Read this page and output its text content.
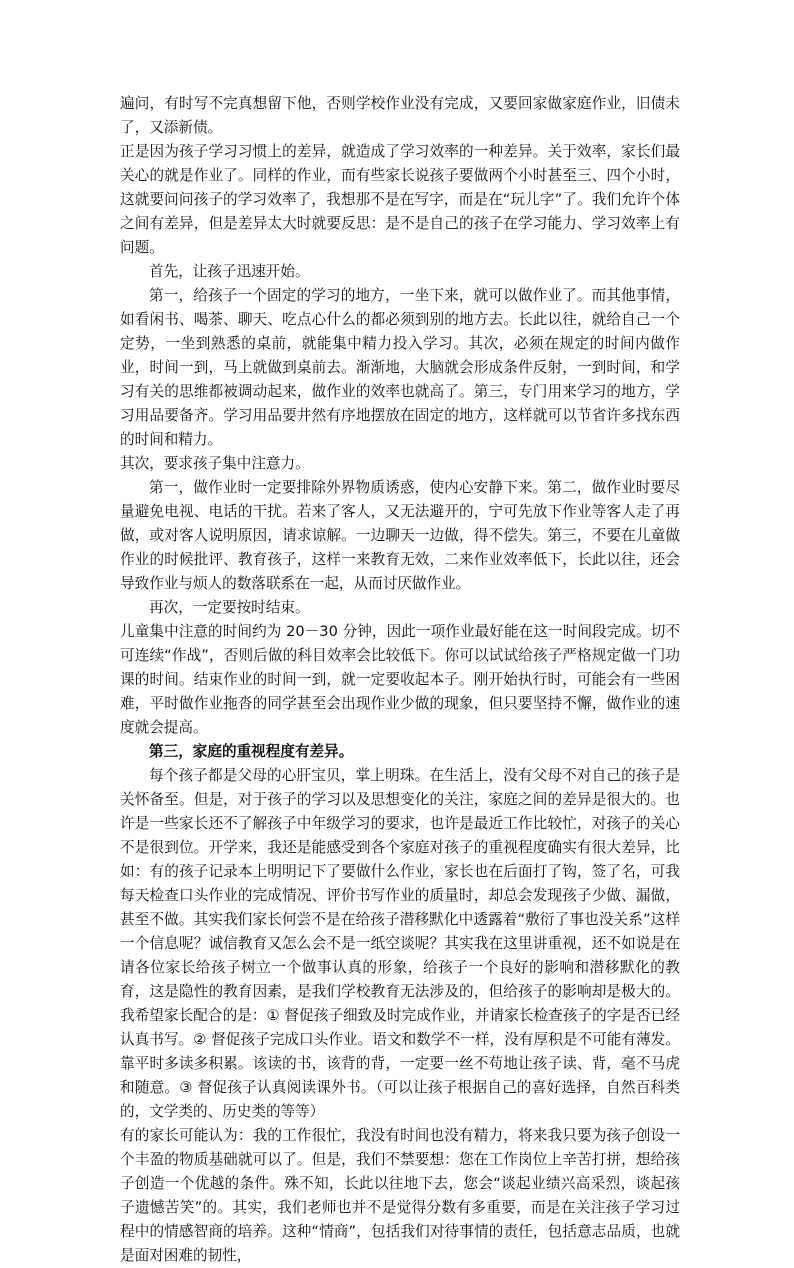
遍问，有时写不完真想留下他，否则学校作业没有完成，又要回家做家庭作业，旧债未了，又添新债。

正是因为孩子学习习惯上的差异，就造成了学习效率的一种差异。关于效率，家长们最关心的就是作业了。同样的作业，而有些家长说孩子要做两个小时甚至三、四个小时，这就要问问孩子的学习效率了，我想那不是在写字，而是在“玩儿字”了。我们允许个体之间有差异，但是差异太大时就要反思：是不是自己的孩子在学习能力、学习效率上有问题。

首先，让孩子迅速开始。

第一，给孩子一个固定的学习的地方，一坐下来，就可以做作业了。而其他事情，如看闲书、喝茶、聊天、吃点心什么的都必须到别的地方去。长此以往，就给自己一个定势，一坐到熟悉的桌前，就能集中精力投入学习。其次，必须在规定的时间内做作业，时间一到，马上就做到桌前去。渐渐地，大脑就会形成条件反射，一到时间，和学习有关的思维都被调动起来，做作业的效率也就高了。第三，专门用来学习的地方，学习用品要备齐。学习用品要井然有序地摆放在固定的地方，这样就可以节省许多找东西的时间和精力。

其次，要求孩子集中注意力。

第一，做作业时一定要排除外界物质诱惑，使内心安静下来。第二，做作业时要尽量避免电视、电话的干扰。若来了客人，又无法避开的，宁可先放下作业等客人走了再做，或对客人说明原因，请求谅解。一边聊天一边做，得不偿失。第三，不要在儿童做作业的时候批评、教育孩子，这样一来教育无效，二来作业效率低下，长此以往，还会导致作业与烦人的数落联系在一起，从而讨厌做作业。

再次，一定要按时结束。

儿童集中注意的时间约为 20－30 分钟，因此一项作业最好能在这一时间段完成。切不可连续“作战”，否则后做的科目效率会比较低下。你可以试试给孩子严格规定做一门功课的时间。结束作业的时间一到，就一定要收起本子。刚开始执行时，可能会有一些困难，平时做作业拖沓的同学甚至会出现作业少做的现象，但只要坚持不懈，做作业的速度就会提高。

第三，家庭的重视程度有差异。

每个孩子都是父母的心肝宝贝，掌上明珠。在生活上，没有父母不对自己的孩子是关怀备至。但是，对于孩子的学习以及思想变化的关注，家庭之间的差异是很大的。也许是一些家长还不了解孩子中年级学习的要求，也许是最近工作比较忙，对孩子的关心不是很到位。开学来，我还是能感受到各个家庭对孩子的重视程度确实有很大差异，比如：有的孩子记录本上明明记下了要做什么作业，家长也在后面打了钩，签了名，可我每天检查口头作业的完成情况、评价书写作业的质量时，却总会发现孩子少做、漏做，甚至不做。其实我们家长何尝不是在给孩子潜移默化中透露着“敷衍了事也没关系”这样一个信息呢？诚信教育又怎么会不是一纸空谈呢？其实我在这里讲重视，还不如说是在请各位家长给孩子树立一个做事认真的形象，给孩子一个良好的影响和潜移默化的教育，这是隐性的教育因素，是我们学校教育无法涉及的，但给孩子的影响却是极大的。我希望家长配合的是：① 督促孩子细致及时完成作业，并请家长检查孩子的字是否已经认真书写。② 督促孩子完成口头作业。语文和数学不一样，没有厚积是不可能有薄发。靠平时多读多积累。该读的书，该背的背，一定要一丝不苟地让孩子读、背，毫不马虎和随意。③ 督促孩子认真阅读课外书。（可以让孩子根据自己的喜好选择，自然百科类的，文学类的、历史类的等等）

有的家长可能认为：我的工作很忙，我没有时间也没有精力，将来我只要为孩子创设一个丰盈的物质基础就可以了。但是，我们不禁要想：您在工作岗位上辛苦打拼，想给孩子创造一个优越的条件。殊不知，长此以往地下去，您会“谈起业绩兴高采烈，谈起孩子遗憾苦笑”的。其实，我们老师也并不是觉得分数有多重要，而是在关注孩子学习过程中的情感智商的培养。这种“情商”，包括我们对待事情的责任，包括意志品质，也就是面对困难的韧性，
